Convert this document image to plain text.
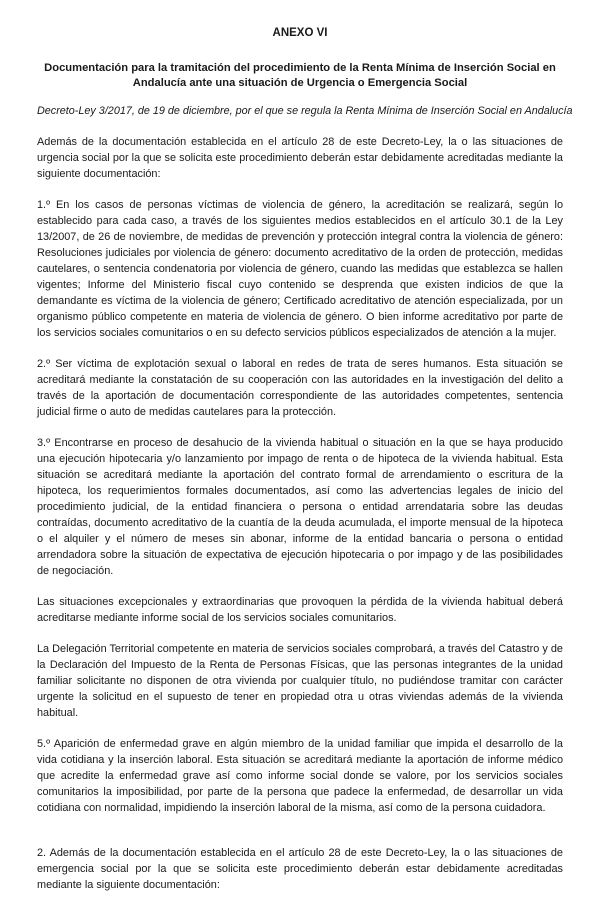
ANEXO VI
Documentación para la tramitación del procedimiento de la Renta Mínima de Inserción Social en Andalucía ante una situación de Urgencia o Emergencia Social
Decreto-Ley 3/2017, de 19 de diciembre, por el que se regula la Renta Mínima de Inserción Social en Andalucía

Además de la documentación establecida en el artículo 28 de este Decreto-Ley, la o las situaciones de urgencia social por la que se solicita este procedimiento deberán estar debidamente acreditadas mediante la siguiente documentación:

1.º En los casos de personas víctimas de violencia de género, la acreditación se realizará, según lo establecido para cada caso, a través de los siguientes medios establecidos en el artículo 30.1 de la Ley 13/2007, de 26 de noviembre, de medidas de prevención y protección integral contra la violencia de género: Resoluciones judiciales por violencia de género: documento acreditativo de la orden de protección, medidas cautelares, o sentencia condenatoria por violencia de género, cuando las medidas que establezca se hallen vigentes; Informe del Ministerio fiscal cuyo contenido se desprenda que existen indicios de que la demandante es víctima de la violencia de género; Certificado acreditativo de atención especializada, por un organismo público competente en materia de violencia de género. O bien informe acreditativo por parte de los servicios sociales comunitarios o en su defecto servicios públicos especializados de atención a la mujer.

2.º Ser víctima de explotación sexual o laboral en redes de trata de seres humanos. Esta situación se acreditará mediante la constatación de su cooperación con las autoridades en la investigación del delito a través de la aportación de documentación correspondiente de las autoridades competentes, sentencia judicial firme o auto de medidas cautelares para la protección.

3.º Encontrarse en proceso de desahucio de la vivienda habitual o situación en la que se haya producido una ejecución hipotecaria y/o lanzamiento por impago de renta o de hipoteca de la vivienda habitual. Esta situación se acreditará mediante la aportación del contrato formal de arrendamiento o escritura de la hipoteca, los requerimientos formales documentados, así como las advertencias legales de inicio del procedimiento judicial, de la entidad financiera o persona o entidad arrendataria sobre las deudas contraídas, documento acreditativo de la cuantía de la deuda acumulada, el importe mensual de la hipoteca o el alquiler y el número de meses sin abonar, informe de la entidad bancaria o persona o entidad arrendadora sobre la situación de expectativa de ejecución hipotecaria o por impago y de las posibilidades de negociación.

Las situaciones excepcionales y extraordinarias que provoquen la pérdida de la vivienda habitual deberá acreditarse mediante informe social de los servicios sociales comunitarios.

La Delegación Territorial competente en materia de servicios sociales comprobará, a través del Catastro y de la Declaración del Impuesto de la Renta de Personas Físicas, que las personas integrantes de la unidad familiar solicitante no disponen de otra vivienda por cualquier título, no pudiéndose tramitar con carácter urgente la solicitud en el supuesto de tener en propiedad otra u otras viviendas además de la vivienda habitual.

5.º Aparición de enfermedad grave en algún miembro de la unidad familiar que impida el desarrollo de la vida cotidiana y la inserción laboral. Esta situación se acreditará mediante la aportación de informe médico que acredite la enfermedad grave así como informe social donde se valore, por los servicios sociales comunitarios la imposibilidad, por parte de la persona que padece la enfermedad, de desarrollar un vida cotidiana con normalidad, impidiendo la inserción laboral de la misma, así como de la persona cuidadora.

2. Además de la documentación establecida en el artículo 28 de este Decreto-Ley, la o las situaciones de emergencia social por la que se solicita este procedimiento deberán estar debidamente acreditadas mediante la siguiente documentación:
